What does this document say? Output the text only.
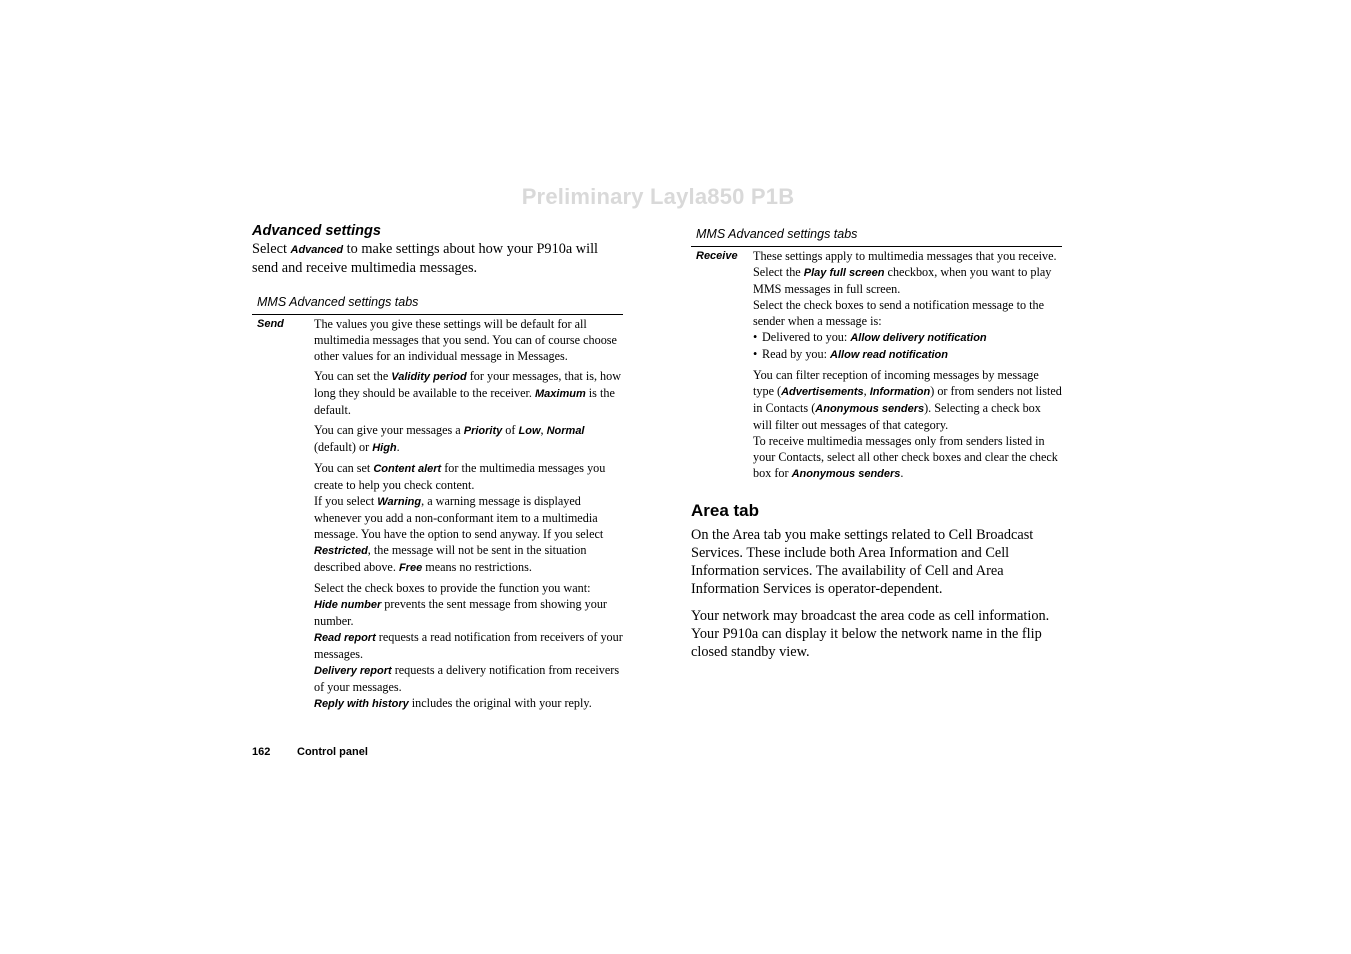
Preliminary Layla850 P1B
Advanced settings

Select Advanced to make settings about how your P910a will send and receive multimedia messages.

MMS Advanced settings tabs

Send	The values you give these settings will be default for all multimedia messages that you send. You can of course choose other values for an individual message in Messages.

You can set the Validity period for your messages, that is, how long they should be available to the receiver. Maximum is the default.

You can give your messages a Priority of Low, Normal (default) or High.

You can set Content alert for the multimedia messages you create to help you check content.
If you select Warning, a warning message is displayed whenever you add a non-conformant item to a multimedia message. You have the option to send anyway. If you select Restricted, the message will not be sent in the situation described above. Free means no restrictions.

Select the check boxes to provide the function you want:
Hide number prevents the sent message from showing your number.
Read report requests a read notification from receivers of your messages.
Delivery report requests a delivery notification from receivers of your messages.
Reply with history includes the original with your reply.

MMS Advanced settings tabs

Receive	These settings apply to multimedia messages that you receive.

Select the Play full screen checkbox, when you want to play MMS messages in full screen.

Select the check boxes to send a notification message to the sender when a message is:

• Delivered to you: Allow delivery notification
• Read by you: Allow read notification

You can filter reception of incoming messages by message type (Advertisements, Information) or from senders not listed in Contacts (Anonymous senders). Selecting a check box will filter out messages of that category.
To receive multimedia messages only from senders listed in your Contacts, select all other check boxes and clear the check box for Anonymous senders.

Area tab

On the Area tab you make settings related to Cell Broadcast Services. These include both Area Information and Cell Information services. The availability of Cell and Area Information Services is operator-dependent.

Your network may broadcast the area code as cell information. Your P910a can display it below the network name in the flip closed standby view.

162 Control panel
